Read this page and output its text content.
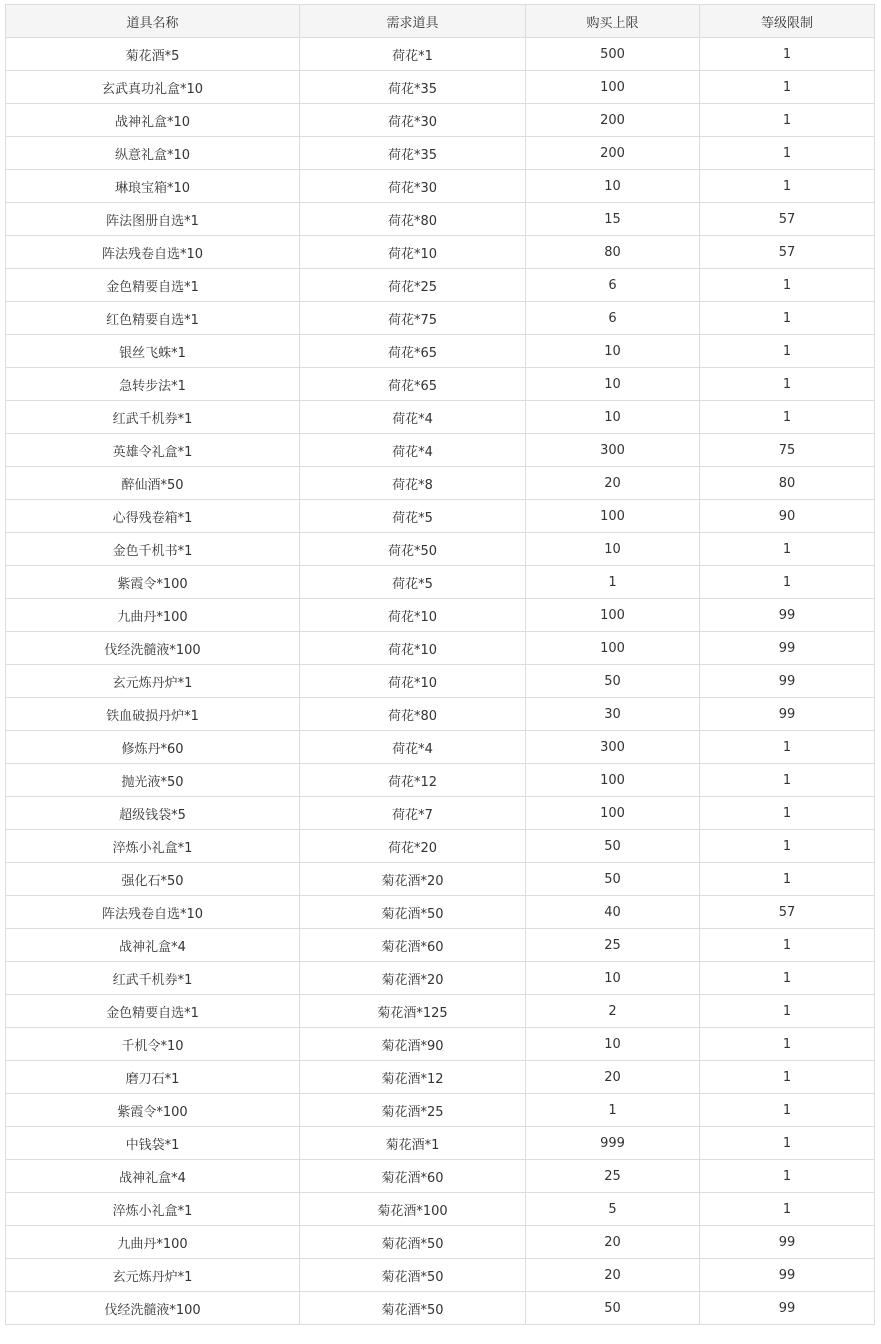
道具名称	需求道具	购买上限	等级限制
菊花酒*5	荷花*1	500	1
玄武真功礼盒*10	荷花*35	100	1
战神礼盒*10	荷花*30	200	1
纵意礼盒*10	荷花*35	200	1
琳琅宝箱*10	荷花*30	10	1
阵法图册自选*1	荷花*80	15	57
阵法残卷自选*10	荷花*10	80	57
金色精要自选*1	荷花*25	6	1
红色精要自选*1	荷花*75	6	1
银丝飞蛛*1	荷花*65	10	1
急转步法*1	荷花*65	10	1
红武千机券*1	荷花*4	10	1
英雄令礼盒*1	荷花*4	300	75
醉仙酒*50	荷花*8	20	80
心得残卷箱*1	荷花*5	100	90
金色千机书*1	荷花*50	10	1
紫霞令*100	荷花*5	1	1
九曲丹*100	荷花*10	100	99
伐经洗髓液*100	荷花*10	100	99
玄元炼丹炉*1	荷花*10	50	99
铁血破损丹炉*1	荷花*80	30	99
修炼丹*60	荷花*4	300	1
抛光液*50	荷花*12	100	1
超级钱袋*5	荷花*7	100	1
淬炼小礼盒*1	荷花*20	50	1
强化石*50	菊花酒*20	50	1
阵法残卷自选*10	菊花酒*50	40	57
战神礼盒*4	菊花酒*60	25	1
红武千机券*1	菊花酒*20	10	1
金色精要自选*1	菊花酒*125	2	1
千机令*10	菊花酒*90	10	1
磨刀石*1	菊花酒*12	20	1
紫霞令*100	菊花酒*25	1	1
中钱袋*1	菊花酒*1	999	1
战神礼盒*4	菊花酒*60	25	1
淬炼小礼盒*1	菊花酒*100	5	1
九曲丹*100	菊花酒*50	20	99
玄元炼丹炉*1	菊花酒*50	20	99
伐经洗髓液*100	菊花酒*50	50	99
